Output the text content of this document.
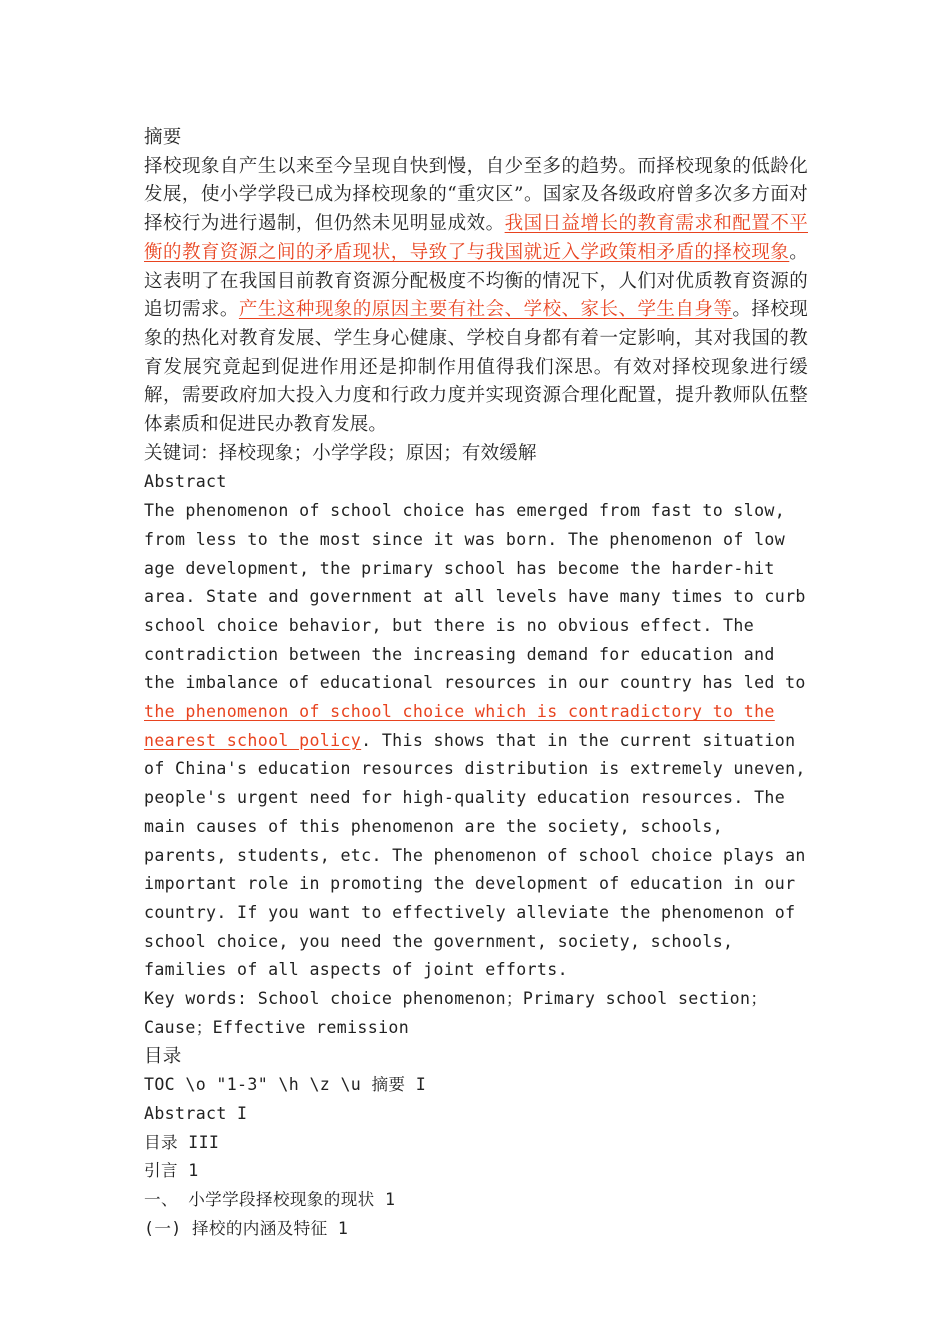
摘要

择校现象自产生以来至今呈现自快到慢，自少至多的趋势。而择校现象的低龄化发展，使小学学段已成为择校现象的“重灾区”。国家及各级政府曾多次多方面对择校行为进行遏制，但仍然未见明显成效。我国日益增长的教育需求和配置不平衡的教育资源之间的矛盾现状，导致了与我国就近入学政策相矛盾的择校现象。这表明了在我国目前教育资源分配极度不均衡的情况下，人们对优质教育资源的追切需求。产生这种现象的原因主要有社会、学校、家长、学生自身等。择校现象的热化对教育发展、学生身心健康、学校自身都有着一定影响，其对我国的教育发展究竟起到促进作用还是抑制作用值得我们深思。有效对择校现象进行缓解，需要政府加大投入力度和行政力度并实现资源合理化配置，提升教师队伍整体素质和促进民办教育发展。

关键词：择校现象；小学学段；原因；有效缓解

Abstract

The phenomenon of school choice has emerged from fast to slow, from less to the most since it was born. The phenomenon of low age development, the primary school has become the harder-hit area. State and government at all levels have many times to curb school choice behavior, but there is no obvious effect. The contradiction between the increasing demand for education and the imbalance of educational resources in our country has led to the phenomenon of school choice which is contradictory to the nearest school policy. This shows that in the current situation of China's education resources distribution is extremely uneven, people's urgent need for high-quality education resources. The main causes of this phenomenon are the society, schools, parents, students, etc. The phenomenon of school choice plays an important role in promoting the development of education in our country. If you want to effectively alleviate the phenomenon of school choice, you need the government, society, schools, families of all aspects of joint efforts.

Key words: School choice phenomenon；Primary school section；Cause；Effective remission

目录

TOC \o "1-3" \h \z \u 摘要 I

Abstract I

目录 III

引言 1

一、 小学学段择校现象的现状 1

(一) 择校的内涵及特征 1
